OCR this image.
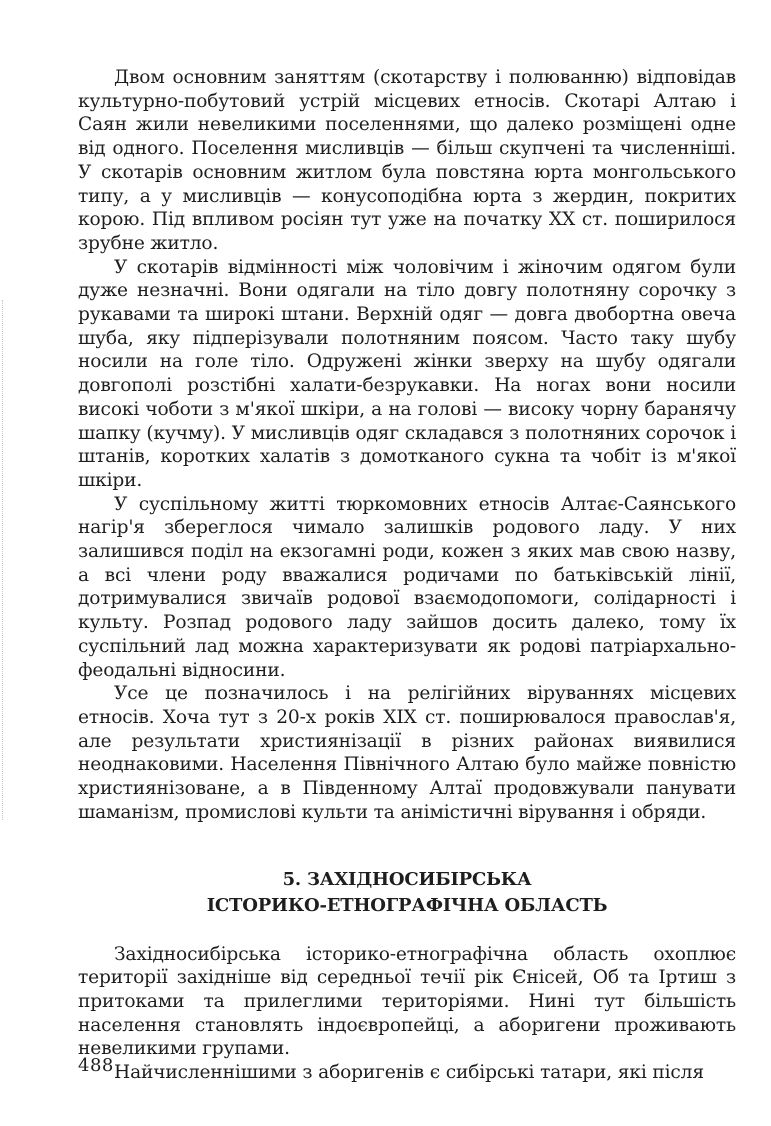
Двом основним заняттям (скотарству і полюванню) відповідав культурно-побутовий устрій місцевих етносів. Скотарі Алтаю і Саян жили невеликими поселеннями, що далеко розміщені одне від одного. Поселення мисливців — більш скупчені та численніші. У скотарів основним житлом була повстяна юрта монгольського типу, а у мисливців — конусоподібна юрта з жердин, покритих корою. Під впливом росіян тут уже на початку XX ст. поширилося зрубне житло.

У скотарів відмінності між чоловічим і жіночим одягом були дуже незначні. Вони одягали на тіло довгу полотняну сорочку з рукавами та широкі штани. Верхній одяг — довга двобортна овеча шуба, яку підперізували полотняним поясом. Часто таку шубу носили на голе тіло. Одружені жінки зверху на шубу одягали довгополі розстібні халати-безрукавки. На ногах вони носили високі чоботи з м'якої шкіри, а на голові — високу чорну баранячу шапку (кучму). У мисливців одяг складався з полотняних сорочок і штанів, коротких халатів з домотканого сукна та чобіт із м'якої шкіри.

У суспільному житті тюркомовних етносів Алтає-Саянського нагір'я збереглося чимало залишків родового ладу. У них залишився поділ на екзогамні роди, кожен з яких мав свою назву, а всі члени роду вважалися родичами по батьківській лінії, дотримувалися звичаїв родової взаємодопомоги, солідарності і культу. Розпад родового ладу зайшов досить далеко, тому їх суспільний лад можна характеризувати як родові патріархально-феодальні відносини.

Усе це позначилось і на релігійних віруваннях місцевих етносів. Хоча тут з 20-х років XIX ст. поширювалося православ'я, але результати християнізації в різних районах виявилися неоднаковими. Населення Північного Алтаю було майже повністю християнізоване, а в Південному Алтаї продовжували панувати шаманізм, промислові культи та анімістичні вірування і обряди.

5. ЗАХІДНОСИБІРСЬКА
ІСТОРИКО-ЕТНОГРАФІЧНА ОБЛАСТЬ

Західносибірська історико-етнографічна область охоплює території західніше від середньої течії рік Єнісей, Об та Іртиш з притоками та прилеглими територіями. Нині тут більшість населення становлять індоєвропейці, а аборигени проживають невеликими групами.

Найчисленнішими з аборигенів є сибірські татари, які після

488
